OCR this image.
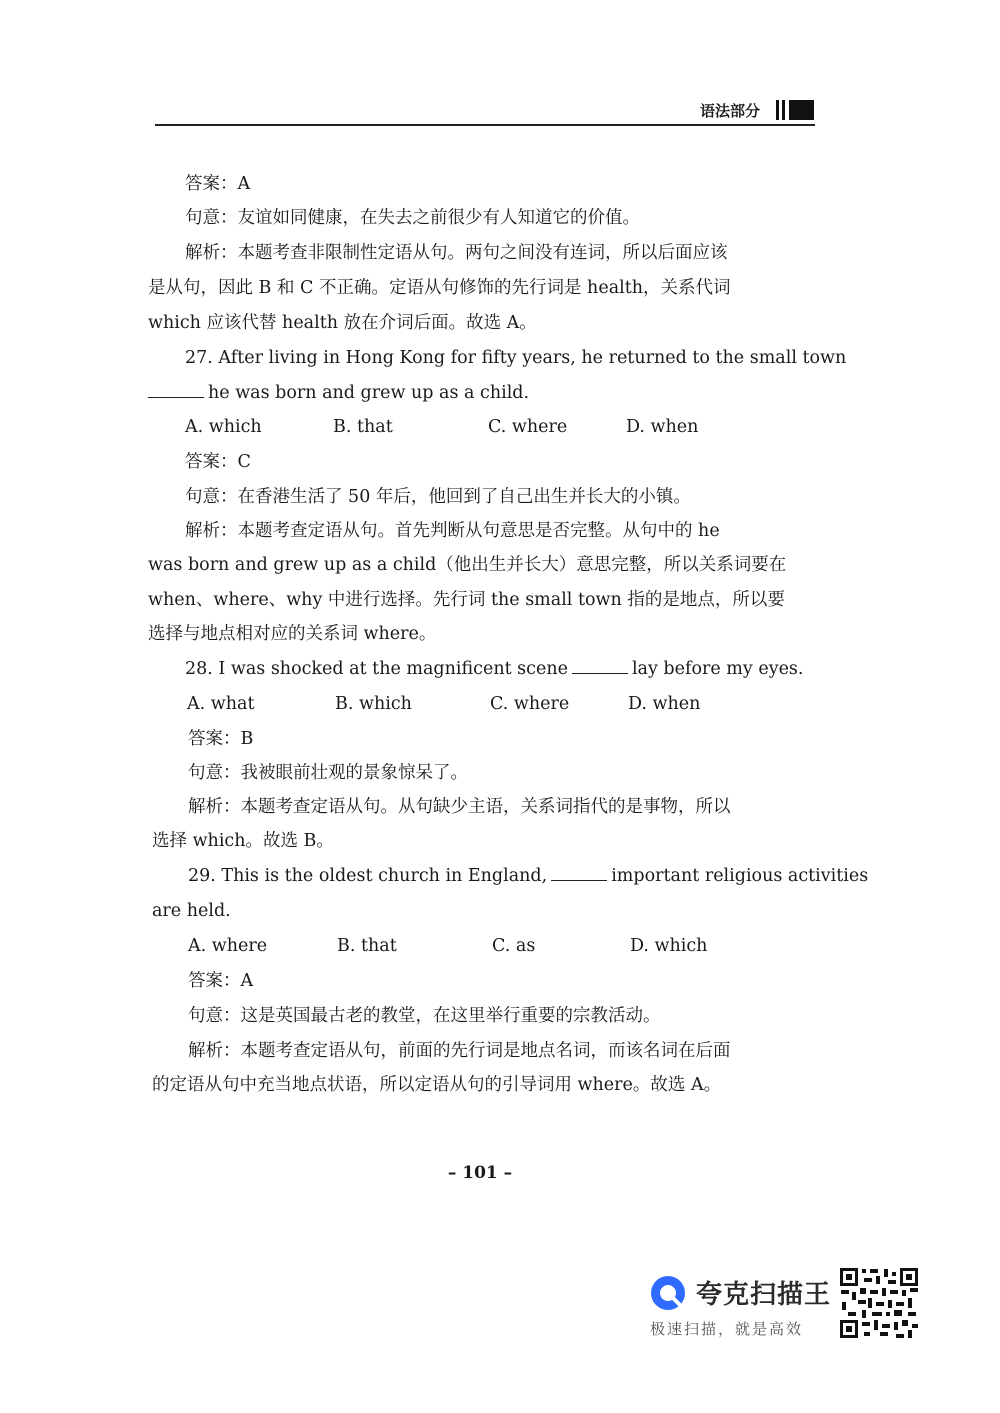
语法部分
答案：A
句意：友谊如同健康，在失去之前很少有人知道它的价值。
解析：本题考查非限制性定语从句。两句之间没有连词，所以后面应该
是从句，因此 B 和 C 不正确。定语从句修饰的先行词是 health，关系代词
which 应该代替 health 放在介词后面。故选 A。
27. After living in Hong Kong for fifty years, he returned to the small town
he was born and grew up as a child.
A. which	B. that	C. where	D. when
答案：C
句意：在香港生活了 50 年后，他回到了自己出生并长大的小镇。
解析：本题考查定语从句。首先判断从句意思是否完整。从句中的 he
was born and grew up as a child（他出生并长大）意思完整，所以关系词要在
when、where、why 中进行选择。先行词 the small town 指的是地点，所以要
选择与地点相对应的关系词 where。
28. I was shocked at the magnificent scene	lay before my eyes.
A. what	B. which	C. where	D. when
答案：B
句意：我被眼前壮观的景象惊呆了。
解析：本题考查定语从句。从句缺少主语，关系词指代的是事物，所以
选择 which。故选 B。
29. This is the oldest church in England,	important religious activities
are held.
A. where	B. that	C. as	D. which
答案：A
句意：这是英国最古老的教堂，在这里举行重要的宗教活动。
解析：本题考查定语从句，前面的先行词是地点名词，而该名词在后面
的定语从句中充当地点状语，所以定语从句的引导词用 where。故选 A。
– 101 –
夸克扫描王
极速扫描，就是高效
